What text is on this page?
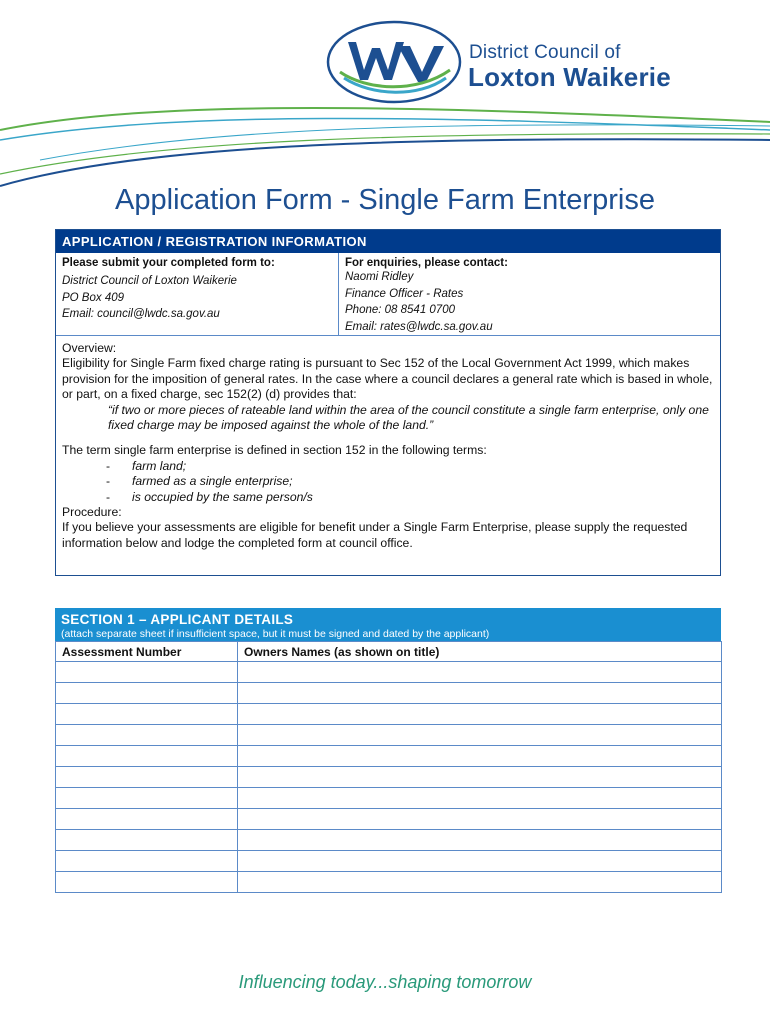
District Council of
Loxton Waikerie
Application Form - Single Farm Enterprise
APPLICATION / REGISTRATION INFORMATION
Please submit your completed form to:
District Council of Loxton Waikerie
PO Box 409
Email: council@lwdc.sa.gov.au
For enquiries, please contact:
Naomi Ridley
Finance Officer - Rates
Phone: 08 8541 0700
Email: rates@lwdc.sa.gov.au

Overview:

Eligibility for Single Farm fixed charge rating is pursuant to Sec 152 of the Local Government Act 1999, which makes provision for the imposition of general rates. In the case where a council declares a general rate which is based in whole, or part, on a fixed charge, sec 152(2) (d) provides that:

“if two or more pieces of rateable land within the area of the council constitute a single farm enterprise, only one fixed charge may be imposed against the whole of the land.”

The term single farm enterprise is defined in section 152 in the following terms:

- farm land;

- farmed as a single enterprise;

- is occupied by the same person/s

Procedure:

If you believe your assessments are eligible for benefit under a Single Farm Enterprise, please supply the requested information below and lodge the completed form at council office.

SECTION 1 – APPLICANT DETAILS
(attach separate sheet if insufficient space, but it must be signed and dated by the applicant)
Assessment Number	Owners Names (as shown on title)

Influencing today...shaping tomorrow
